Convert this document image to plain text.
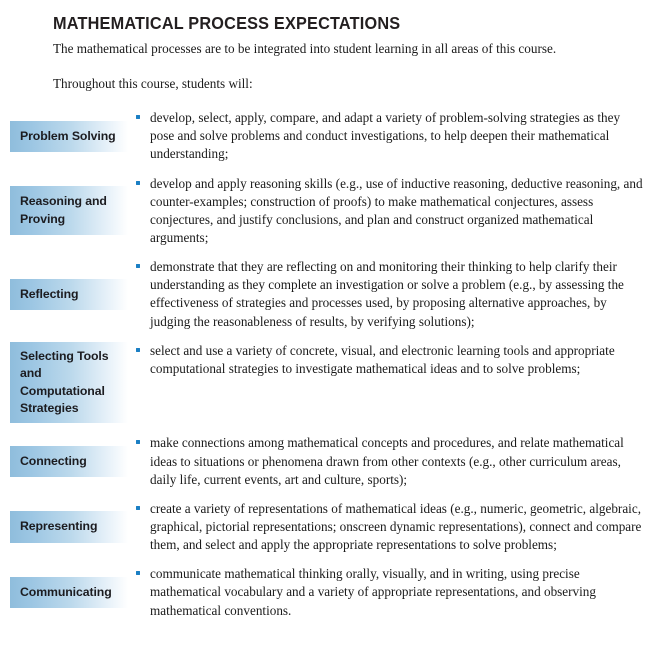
MATHEMATICAL PROCESS EXPECTATIONS

The mathematical processes are to be integrated into student learning in all areas of this course.

Throughout this course, students will:

Problem Solving
develop, select, apply, compare, and adapt a variety of problem-solving strategies as they pose and solve problems and conduct investigations, to help deepen their mathematical understanding;
Reasoning and Proving
develop and apply reasoning skills (e.g., use of inductive reasoning, deductive reasoning, and counter-examples; construction of proofs) to make mathematical conjectures, assess conjectures, and justify conclusions, and plan and construct organized mathematical arguments;
Reflecting
demonstrate that they are reflecting on and monitoring their thinking to help clarify their understanding as they complete an investigation or solve a problem (e.g., by assessing the effectiveness of strategies and processes used, by proposing alternative approaches, by judging the reasonableness of results, by verifying solutions);
Selecting Tools and Computational Strategies
select and use a variety of concrete, visual, and electronic learning tools and appropriate computational strategies to investigate mathematical ideas and to solve problems;
Connecting
make connections among mathematical concepts and procedures, and relate mathematical ideas to situations or phenomena drawn from other contexts (e.g., other curriculum areas, daily life, current events, art and culture, sports);
Representing
create a variety of representations of mathematical ideas (e.g., numeric, geometric, algebraic, graphical, pictorial representations; onscreen dynamic representations), connect and compare them, and select and apply the appropriate representations to solve problems;
Communicating
communicate mathematical thinking orally, visually, and in writing, using precise mathematical vocabulary and a variety of appropriate representations, and observing mathematical conventions.
